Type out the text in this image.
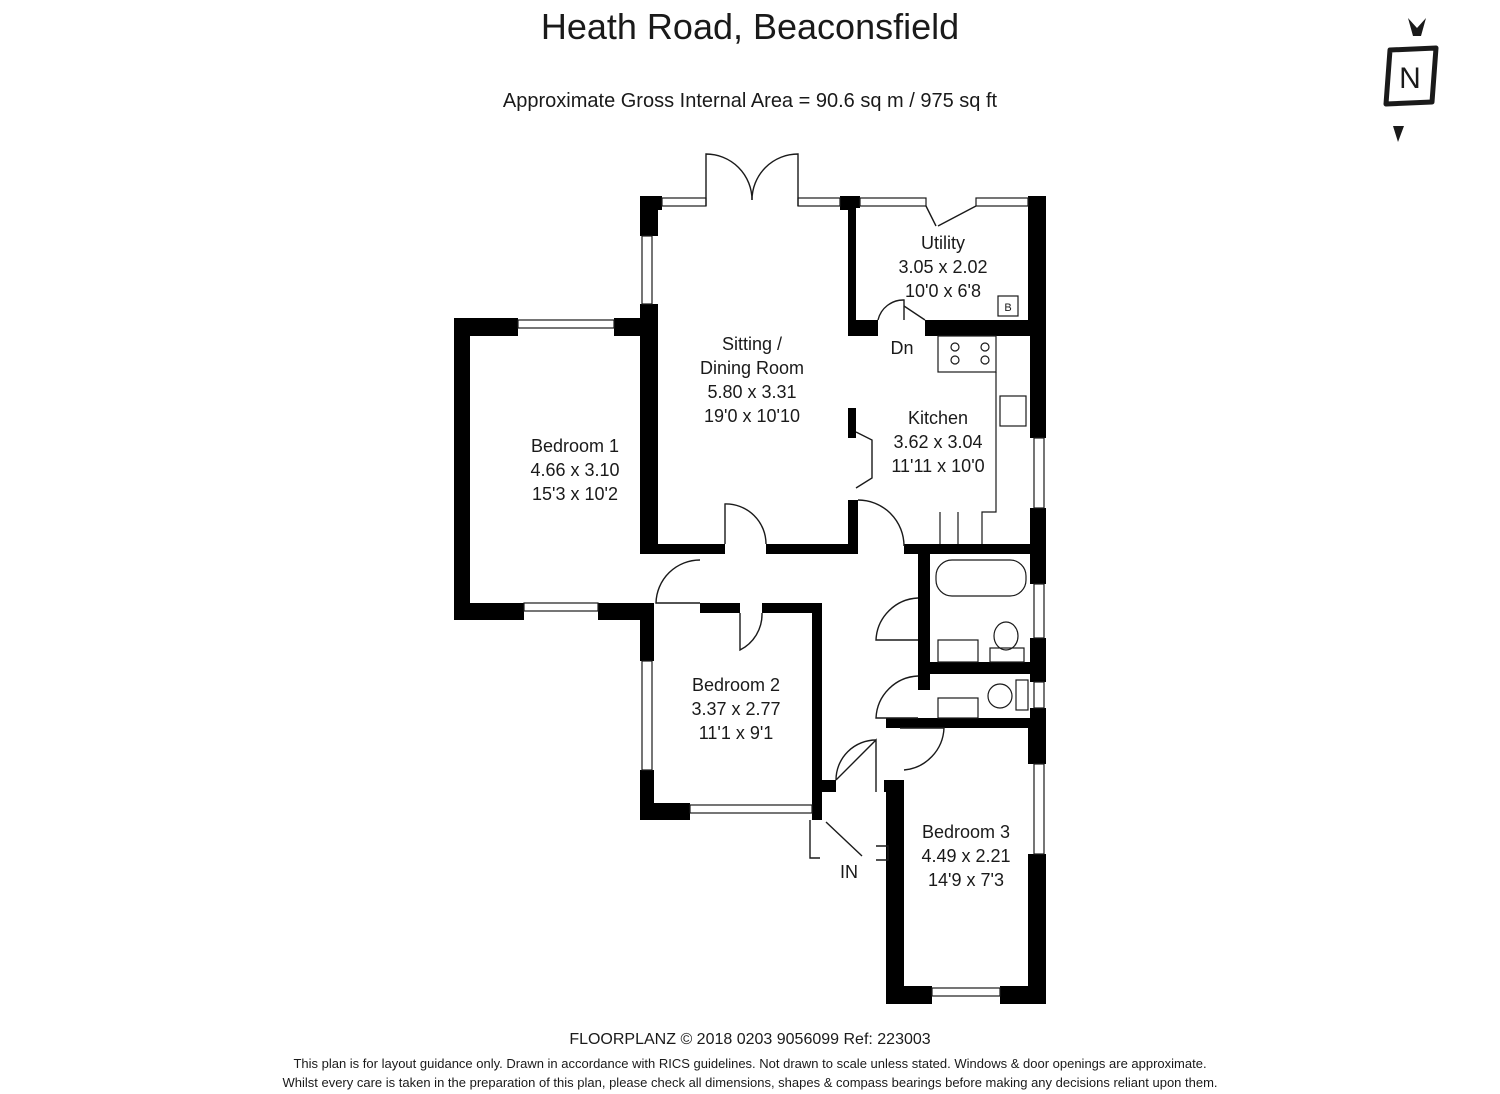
Heath Road, Beaconsfield
Approximate Gross Internal Area = 90.6 sq m / 975 sq ft
N
Utility
3.05 x 2.02
10'0 x 6'8
Sitting /
Dining Room
5.80 x 3.31
19'0 x 10'10	Kitchen
3.62 x 3.04
11'11 x 10'0
Bedroom 1
4.66 x 3.10
15'3 x 10'2
Bedroom 2
3.37 x 2.77
11'1 x 9'1
Bedroom 3
4.49 x 2.21
14'9 x 7'3
Dn
IN
B
FLOORPLANZ © 2018 0203 9056099 Ref: 223003
This plan is for layout guidance only. Drawn in accordance with RICS guidelines. Not drawn to scale unless stated. Windows & door openings are approximate.
Whilst every care is taken in the preparation of this plan, please check all dimensions, shapes & compass bearings before making any decisions reliant upon them.
